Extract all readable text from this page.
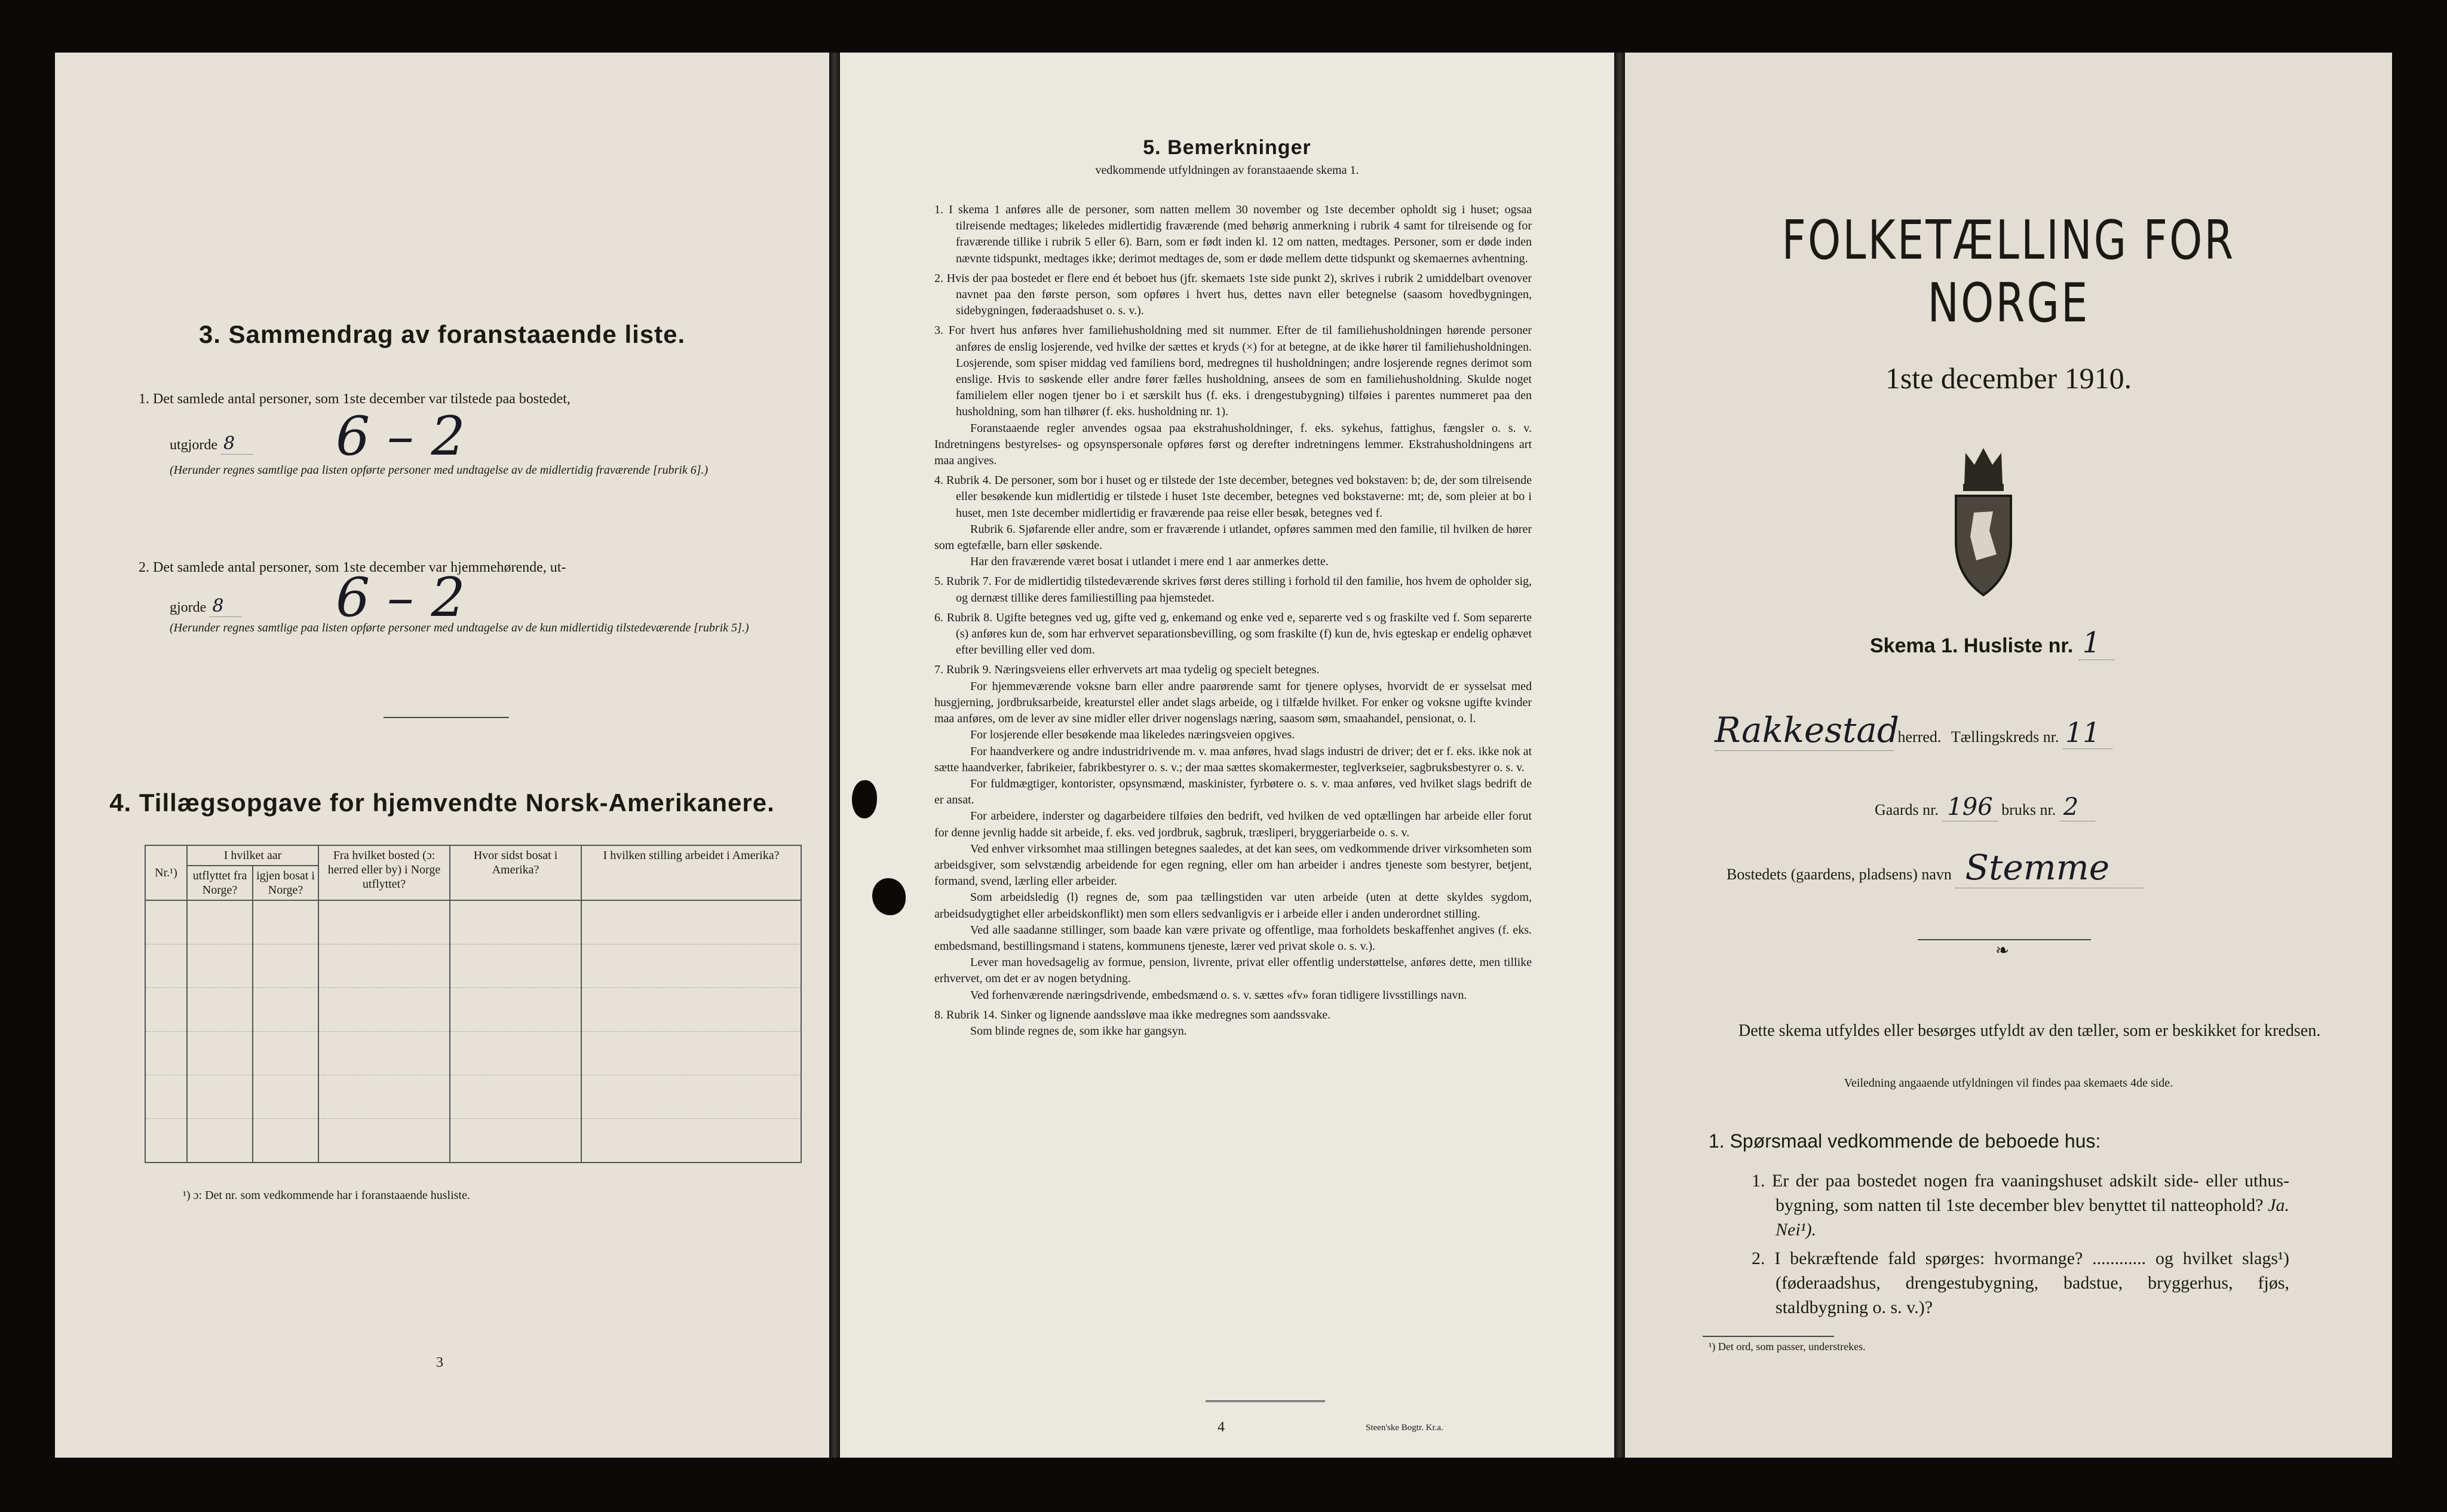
3. Sammendrag av foranstaaende liste.
1. Det samlede antal personer, som 1ste december var tilstede paa bostedet,
utgjorde 8	6 – 2
(Herunder regnes samtlige paa listen opførte personer med undtagelse av de midlertidig fraværende [rubrik 6].)
2. Det samlede antal personer, som 1ste december var hjemmehørende, ut-
gjorde 8	6 – 2
(Herunder regnes samtlige paa listen opførte personer med undtagelse av de kun midlertidig tilstedeværende [rubrik 5].)
4. Tillægsopgave for hjemvendte Norsk-Amerikanere.
Nr.¹)	I hvilket aar		Fra hvilket bosted (ɔ: herred eller by) i Norge utflyttet?	Hvor sidst bosat i Amerika?	I hvilken stilling arbeidet i Amerika?
	utflyttet fra Norge?	igjen bosat i Norge?			

¹) ɔ: Det nr. som vedkommende har i foranstaaende husliste.
3
5. Bemerkninger
vedkommende utfyldningen av foranstaaende skema 1.

1. I skema 1 anføres alle de personer, som natten mellem 30 november og 1ste december opholdt sig i huset; ogsaa tilreisende medtages; likeledes midlertidig fraværende (med behørig anmerkning i rubrik 4 samt for tilreisende og for fraværende tillike i rubrik 5 eller 6). Barn, som er født inden kl. 12 om natten, medtages. Personer, som er døde inden nævnte tidspunkt, medtages ikke; derimot medtages de, som er døde mellem dette tidspunkt og skemaernes avhentning.

2. Hvis der paa bostedet er flere end ét beboet hus (jfr. skemaets 1ste side punkt 2), skrives i rubrik 2 umiddelbart ovenover navnet paa den første person, som opføres i hvert hus, dettes navn eller betegnelse (saasom hovedbygningen, sidebygningen, føderaadshuset o. s. v.).

3. For hvert hus anføres hver familiehusholdning med sit nummer. Efter de til familiehusholdningen hørende personer anføres de enslig losjerende, ved hvilke der sættes et kryds (×) for at betegne, at de ikke hører til familiehusholdningen. Losjerende, som spiser middag ved familiens bord, medregnes til husholdningen; andre losjerende regnes derimot som enslige. Hvis to søskende eller andre fører fælles husholdning, ansees de som en familiehusholdning. Skulde noget familielem eller nogen tjener bo i et særskilt hus (f. eks. i drengestubygning) tilføies i parentes nummeret paa den husholdning, som han tilhører (f. eks. husholdning nr. 1).

Foranstaaende regler anvendes ogsaa paa ekstrahusholdninger, f. eks. sykehus, fattighus, fængsler o. s. v. Indretningens bestyrelses- og opsynspersonale opføres først og derefter indretningens lemmer. Ekstrahusholdningens art maa angives.

4. Rubrik 4. De personer, som bor i huset og er tilstede der 1ste december, betegnes ved bokstaven: b; de, der som tilreisende eller besøkende kun midlertidig er tilstede i huset 1ste december, betegnes ved bokstaverne: mt; de, som pleier at bo i huset, men 1ste december midlertidig er fraværende paa reise eller besøk, betegnes ved f.

Rubrik 6. Sjøfarende eller andre, som er fraværende i utlandet, opføres sammen med den familie, til hvilken de hører som egtefælle, barn eller søskende.

Har den fraværende været bosat i utlandet i mere end 1 aar anmerkes dette.

5. Rubrik 7. For de midlertidig tilstedeværende skrives først deres stilling i forhold til den familie, hos hvem de opholder sig, og dernæst tillike deres familiestilling paa hjemstedet.

6. Rubrik 8. Ugifte betegnes ved ug, gifte ved g, enkemand og enke ved e, separerte ved s og fraskilte ved f. Som separerte (s) anføres kun de, som har erhvervet separationsbevilling, og som fraskilte (f) kun de, hvis egteskap er endelig ophævet efter bevilling eller ved dom.

7. Rubrik 9. Næringsveiens eller erhvervets art maa tydelig og specielt betegnes.

For hjemmeværende voksne barn eller andre paarørende samt for tjenere oplyses, hvorvidt de er sysselsat med husgjerning, jordbruksarbeide, kreaturstel eller andet slags arbeide, og i tilfælde hvilket. For enker og voksne ugifte kvinder maa anføres, om de lever av sine midler eller driver nogenslags næring, saasom søm, smaahandel, pensionat, o. l.

For losjerende eller besøkende maa likeledes næringsveien opgives.

For haandverkere og andre industridrivende m. v. maa anføres, hvad slags industri de driver; det er f. eks. ikke nok at sætte haandverker, fabrikeier, fabrikbestyrer o. s. v.; der maa sættes skomakermester, teglverkseier, sagbruksbestyrer o. s. v.

For fuldmægtiger, kontorister, opsynsmænd, maskinister, fyrbøtere o. s. v. maa anføres, ved hvilket slags bedrift de er ansat.

For arbeidere, inderster og dagarbeidere tilføies den bedrift, ved hvilken de ved optællingen har arbeide eller forut for denne jevnlig hadde sit arbeide, f. eks. ved jordbruk, sagbruk, træsliperi, bryggeriarbeide o. s. v.

Ved enhver virksomhet maa stillingen betegnes saaledes, at det kan sees, om vedkommende driver virksomheten som arbeidsgiver, som selvstændig arbeidende for egen regning, eller om han arbeider i andres tjeneste som bestyrer, betjent, formand, svend, lærling eller arbeider.

Som arbeidsledig (l) regnes de, som paa tællingstiden var uten arbeide (uten at dette skyldes sygdom, arbeidsudygtighet eller arbeidskonflikt) men som ellers sedvanligvis er i arbeide eller i anden underordnet stilling.

Ved alle saadanne stillinger, som baade kan være private og offentlige, maa forholdets beskaffenhet angives (f. eks. embedsmand, bestillingsmand i statens, kommunens tjeneste, lærer ved privat skole o. s. v.).

Lever man hovedsagelig av formue, pension, livrente, privat eller offentlig understøttelse, anføres dette, men tillike erhvervet, om det er av nogen betydning.

Ved forhenværende næringsdrivende, embedsmænd o. s. v. sættes «fv» foran tidligere livsstillings navn.

8. Rubrik 14. Sinker og lignende aandssløve maa ikke medregnes som aandssvake.

Som blinde regnes de, som ikke har gangsyn.

4	Steen'ske Bogtr. Kr.a.
FOLKETÆLLING FOR NORGE
1ste december 1910.
Skema 1. Husliste nr. 1
Rakkestad herred. Tællingskreds nr. 11
Gaards nr. 196 bruks nr. 2
Bostedets (gaardens, pladsens) navn Stemme
❧
Dette skema utfyldes eller besørges utfyldt av den tæller, som er beskikket for kredsen.
Veiledning angaaende utfyldningen vil findes paa skemaets 4de side.
1. Spørsmaal vedkommende de beboede hus:
1. Er der paa bostedet nogen fra vaaningshuset adskilt side- eller uthus-bygning, som natten til 1ste december blev benyttet til natteophold? Ja. Nei¹).
2. I bekræftende fald spørges: hvormange? ............ og hvilket slags¹) (føderaadshus, drengestubygning, badstue, bryggerhus, fjøs, staldbygning o. s. v.)?
¹) Det ord, som passer, understrekes.
